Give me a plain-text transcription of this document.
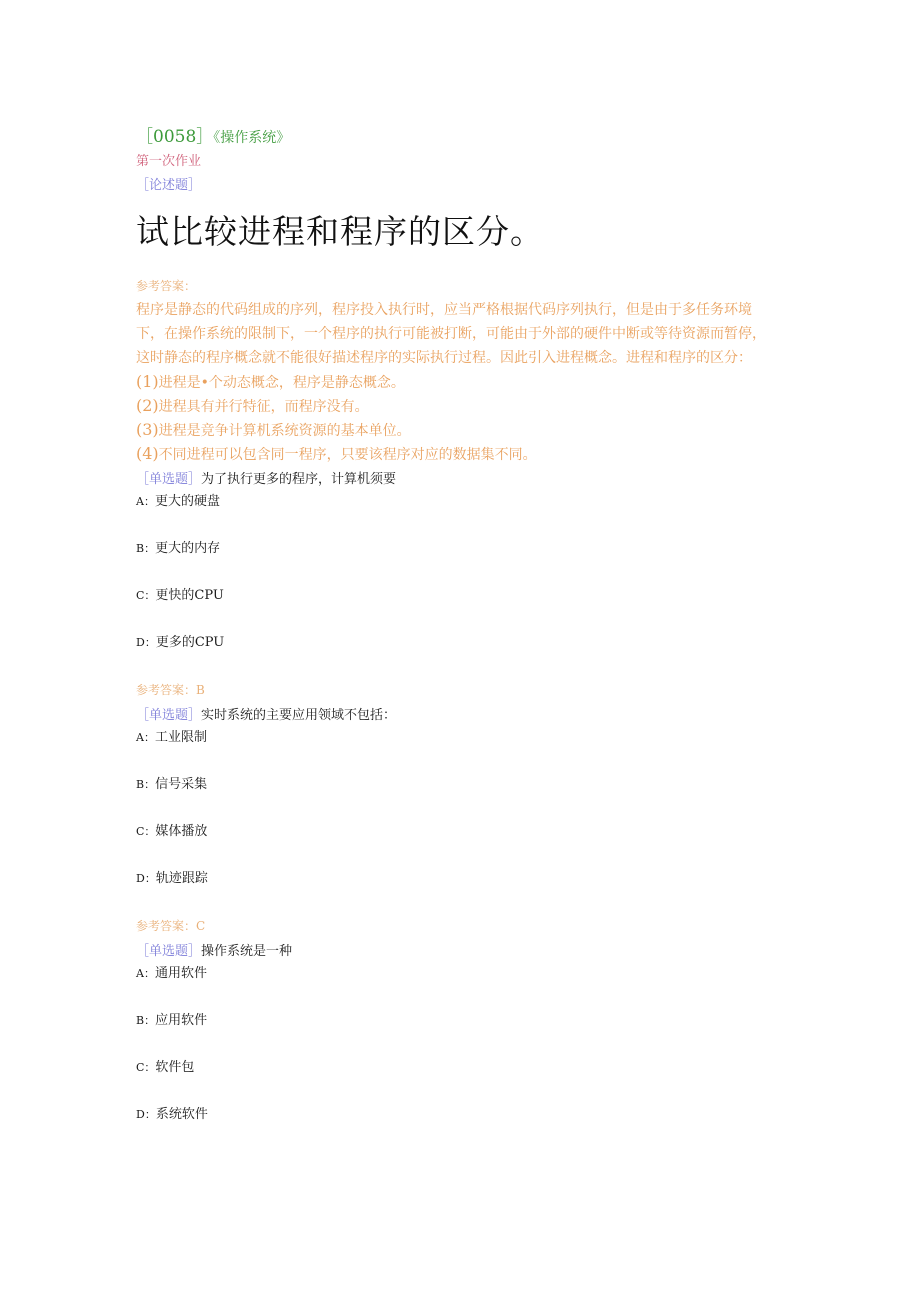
［0058］《操作系统》
第一次作业
［论述题］
试比较进程和程序的区分。
参考答案：

程序是静态的代码组成的序列，程序投入执行时，应当严格根据代码序列执行，但是由于多任务环境下，在操作系统的限制下，一个程序的执行可能被打断，可能由于外部的硬件中断或等待资源而暂停，这时静态的程序概念就不能很好描述程序的实际执行过程。因此引入进程概念。进程和程序的区分：

(1)进程是•个动态概念，程序是静态概念。
(2)进程具有并行特征，而程序没有。
(3)进程是竞争计算机系统资源的基本单位。
(4)不同进程可以包含同一程序，只要该程序对应的数据集不同。
［单选题］为了执行更多的程序，计算机须要
A：更大的硬盘
B：更大的内存
C：更快的CPU
D：更多的CPU
参考答案：B
［单选题］实时系统的主要应用领域不包括：
A：工业限制
B：信号采集
C：媒体播放
D：轨迹跟踪
参考答案：C
［单选题］操作系统是一种
A：通用软件
B：应用软件
C：软件包
D：系统软件
